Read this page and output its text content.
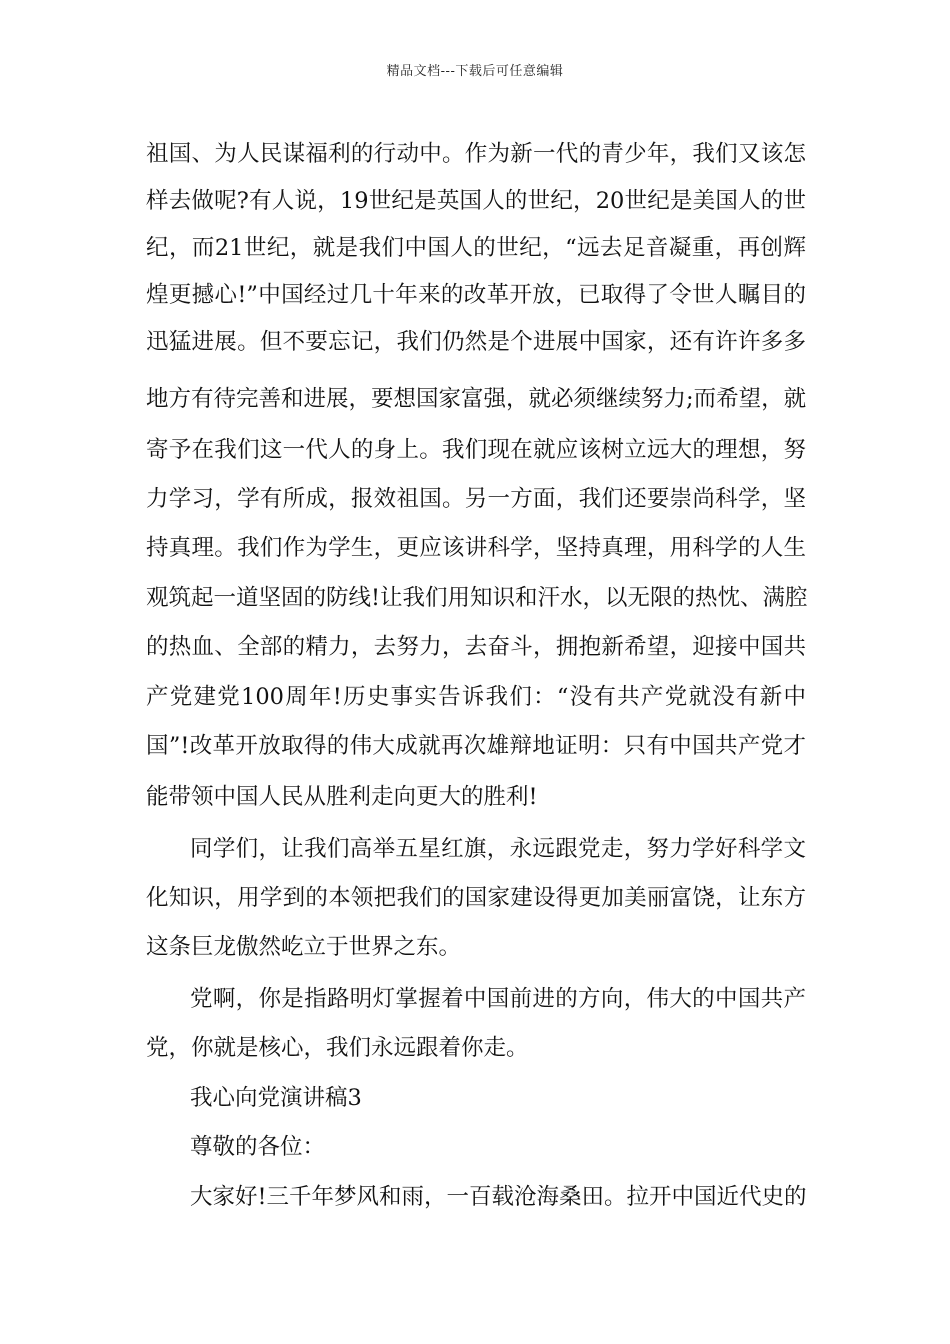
精品文档---下载后可任意编辑
祖国、为人民谋福利的行动中。作为新一代的青少年，我们又该怎
样去做呢?有人说，19世纪是英国人的世纪，20世纪是美国人的世
纪，而21世纪，就是我们中国人的世纪，“远去足音凝重，再创辉
煌更撼心!”中国经过几十年来的改革开放，已取得了令世人瞩目的
迅猛进展。但不要忘记，我们仍然是个进展中国家，还有许许多多
地方有待完善和进展，要想国家富强，就必须继续努力;而希望，就
寄予在我们这一代人的身上。我们现在就应该树立远大的理想，努
力学习，学有所成，报效祖国。另一方面，我们还要崇尚科学，坚
持真理。我们作为学生，更应该讲科学，坚持真理，用科学的人生
观筑起一道坚固的防线!让我们用知识和汗水，以无限的热忱、满腔
的热血、全部的精力，去努力，去奋斗，拥抱新希望，迎接中国共
产党建党100周年!历史事实告诉我们：“没有共产党就没有新中
国”!改革开放取得的伟大成就再次雄辩地证明：只有中国共产党才
能带领中国人民从胜利走向更大的胜利!
同学们，让我们高举五星红旗，永远跟党走，努力学好科学文
化知识，用学到的本领把我们的国家建设得更加美丽富饶，让东方
这条巨龙傲然屹立于世界之东。
党啊，你是指路明灯掌握着中国前进的方向，伟大的中国共产
党，你就是核心，我们永远跟着你走。
我心向党演讲稿3
尊敬的各位：
大家好!三千年梦风和雨，一百载沧海桑田。拉开中国近代史的
